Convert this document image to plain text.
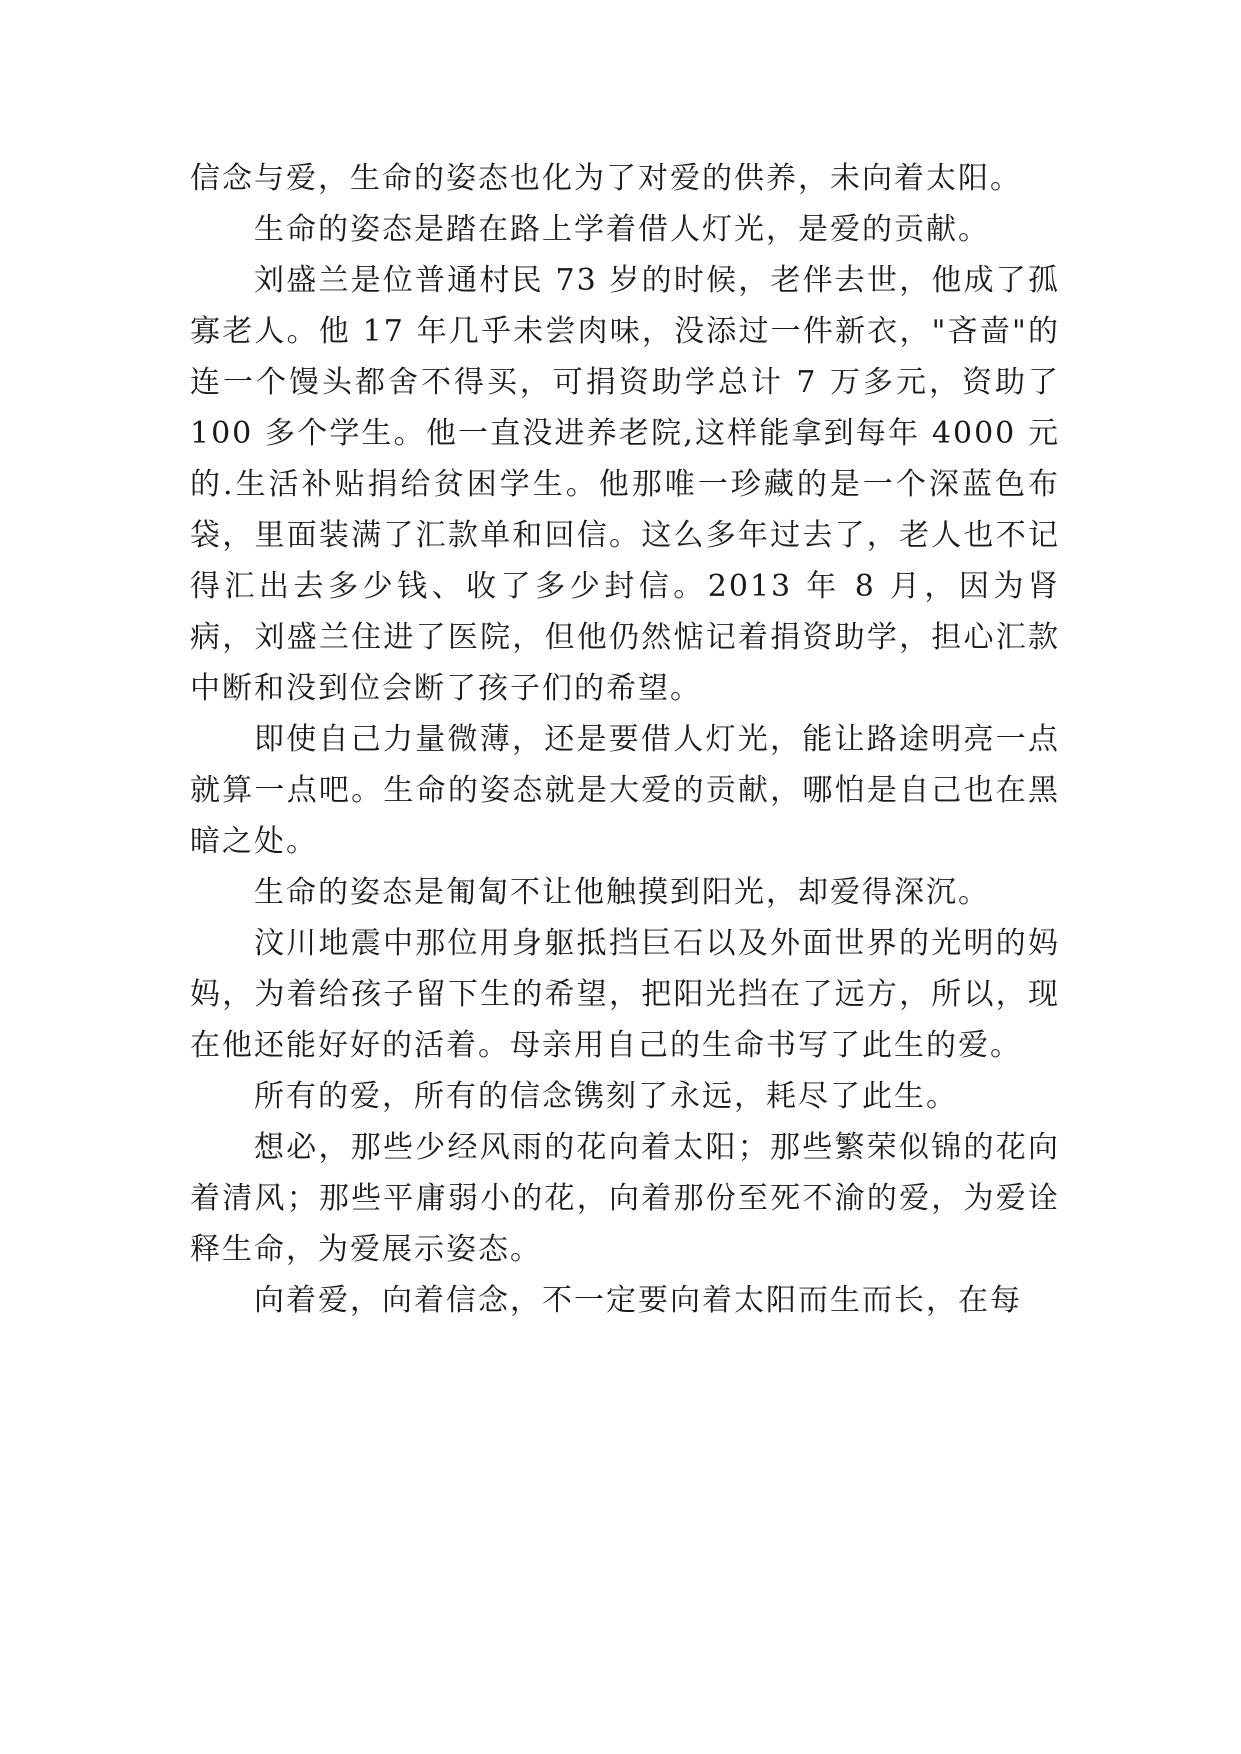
信念与爱，生命的姿态也化为了对爱的供养，未向着太阳。

生命的姿态是踏在路上学着借人灯光，是爱的贡献。

刘盛兰是位普通村民 73 岁的时候，老伴去世，他成了孤寡老人。他 17 年几乎未尝肉味，没添过一件新衣，"吝啬"的连一个馒头都舍不得买，可捐资助学总计 7 万多元，资助了 100 多个学生。他一直没进养老院,这样能拿到每年 4000 元的.生活补贴捐给贫困学生。他那唯一珍藏的是一个深蓝色布袋，里面装满了汇款单和回信。这么多年过去了，老人也不记得汇出去多少钱、收了多少封信。2013 年 8 月，因为肾病，刘盛兰住进了医院，但他仍然惦记着捐资助学，担心汇款中断和没到位会断了孩子们的希望。

即使自己力量微薄，还是要借人灯光，能让路途明亮一点就算一点吧。生命的姿态就是大爱的贡献，哪怕是自己也在黑暗之处。

生命的姿态是匍匐不让他触摸到阳光，却爱得深沉。

汶川地震中那位用身躯抵挡巨石以及外面世界的光明的妈妈，为着给孩子留下生的希望，把阳光挡在了远方，所以，现在他还能好好的活着。母亲用自己的生命书写了此生的爱。

所有的爱，所有的信念镌刻了永远，耗尽了此生。

想必，那些少经风雨的花向着太阳；那些繁荣似锦的花向着清风；那些平庸弱小的花，向着那份至死不渝的爱，为爱诠释生命，为爱展示姿态。

向着爱，向着信念，不一定要向着太阳而生而长，在每
